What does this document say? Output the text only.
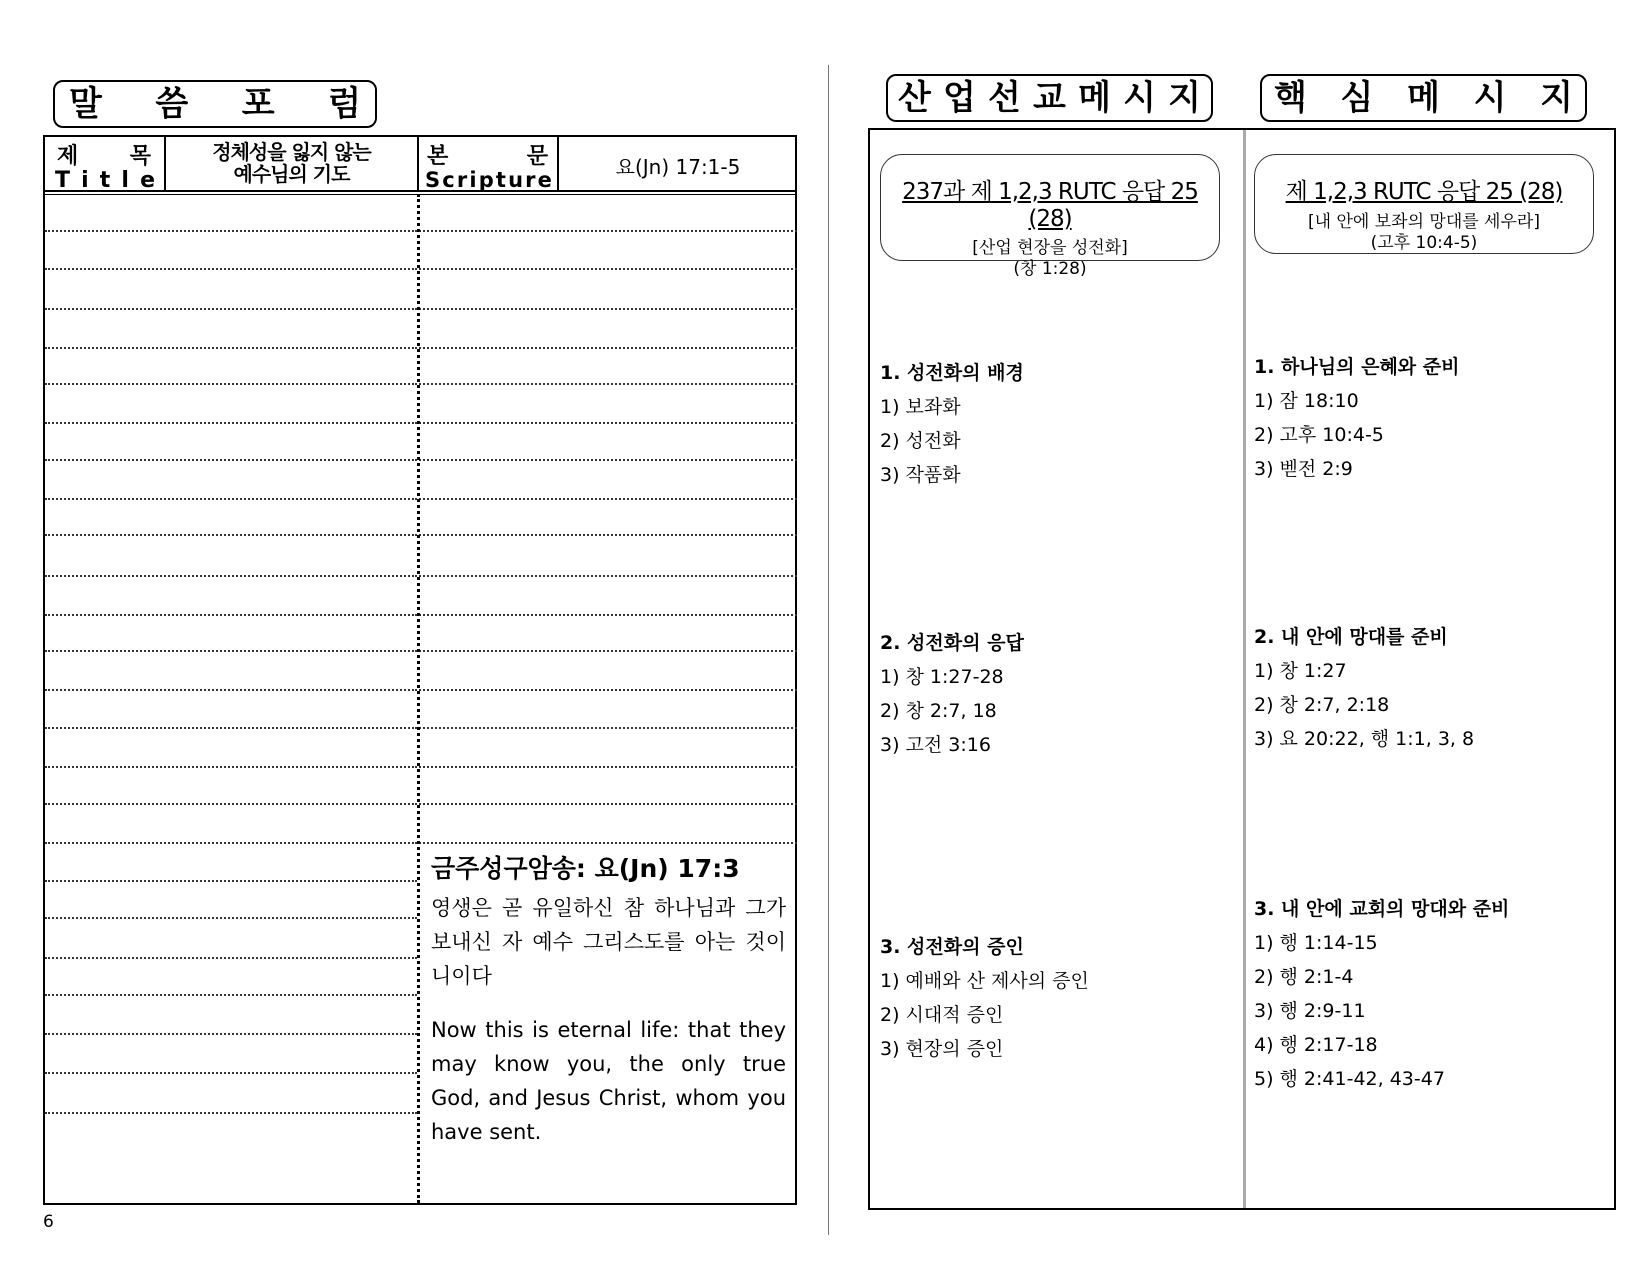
말 씀 포 럼
제 목
T i t l e
정체성을 잃지 않는
예수님의 기도
본	문
S c r i p t u r e
요(Jn) 17:1-5
금주성구암송: 요(Jn) 17:3
영생은 곧 유일하신 참 하나님과 그가 보내신 자 예수 그리스도를 아는 것이니이다
Now this is eternal life: that they may know you, the only true God, and Jesus Christ, whom you have sent.
6
산 업 선 교 메 시 지 핵 심 메 시 지
237과 제 1,2,3 RUTC 응답 25 (28)
[산업 현장을 성전화]
(창 1:28)
제 1,2,3 RUTC 응답 25 (28)
[내 안에 보좌의 망대를 세우라]
(고후 10:4-5)
1. 성전화의 배경
1) 보좌화
2) 성전화
3) 작품화
2. 성전화의 응답
1) 창 1:27-28
2) 창 2:7, 18
3) 고전 3:16
3. 성전화의 증인
1) 예배와 산 제사의 증인
2) 시대적 증인
3) 현장의 증인
1. 하나님의 은혜와 준비
1) 잠 18:10
2) 고후 10:4-5
3) 벧전 2:9
2. 내 안에 망대를 준비
1) 창 1:27
2) 창 2:7, 2:18
3) 요 20:22, 행 1:1, 3, 8
3. 내 안에 교회의 망대와 준비
1) 행 1:14-15
2) 행 2:1-4
3) 행 2:9-11
4) 행 2:17-18
5) 행 2:41-42, 43-47
